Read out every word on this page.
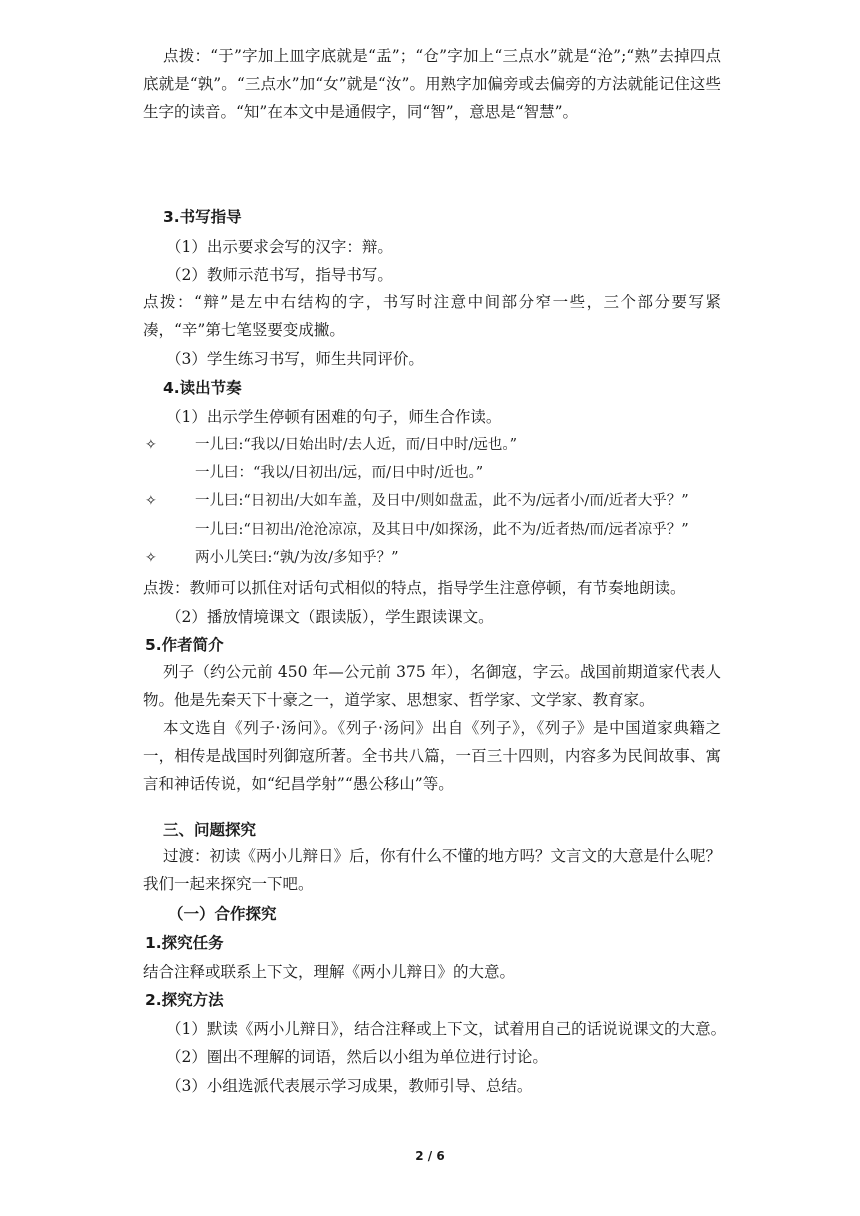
点拨：“于”字加上皿字底就是“盂”；“仓”字加上“三点水”就是“沧”;“熟”去掉四点底就是“孰”。“三点水”加“女”就是“汝”。用熟字加偏旁或去偏旁的方法就能记住这些生字的读音。“知”在本文中是通假字，同“智”，意思是“智慧”。
3.书写指导
（1）出示要求会写的汉字：辩。
（2）教师示范书写，指导书写。
点拨：“辩”是左中右结构的字，书写时注意中间部分窄一些，三个部分要写紧凑，“辛”第七笔竖要变成撇。
（3）学生练习书写，师生共同评价。
4.读出节奏
（1）出示学生停顿有困难的句子，师生合作读。
✧	一儿曰:“我以/日始出时/去人近，而/日中时/远也。”
一儿曰：“我以/日初出/远，而/日中时/近也。”
✧	一儿曰:“日初出/大如车盖，及日中/则如盘盂，此不为/远者小/而/近者大乎？”
一儿曰:“日初出/沧沧凉凉，及其日中/如探汤，此不为/近者热/而/远者凉乎？”
✧	两小儿笑曰:“孰/为汝/多知乎？”
点拨：教师可以抓住对话句式相似的特点，指导学生注意停顿，有节奏地朗读。
（2）播放情境课文（跟读版），学生跟读课文。
5.作者简介
列子（约公元前 450 年—公元前 375 年），名御寇，字云。战国前期道家代表人物。他是先秦天下十豪之一，道学家、思想家、哲学家、文学家、教育家。
本文选自《列子·汤问》。《列子·汤问》出自《列子》，《列子》是中国道家典籍之一，相传是战国时列御寇所著。全书共八篇，一百三十四则，内容多为民间故事、寓言和神话传说，如“纪昌学射”“愚公移山”等。
三、问题探究
过渡：初读《两小儿辩日》后，你有什么不懂的地方吗？文言文的大意是什么呢？我们一起来探究一下吧。
（一）合作探究
1.探究任务
结合注释或联系上下文，理解《两小儿辩日》的大意。
2.探究方法
（1）默读《两小儿辩日》，结合注释或上下文，试着用自己的话说说课文的大意。
（2）圈出不理解的词语，然后以小组为单位进行讨论。
（3）小组选派代表展示学习成果，教师引导、总结。
2 / 6
